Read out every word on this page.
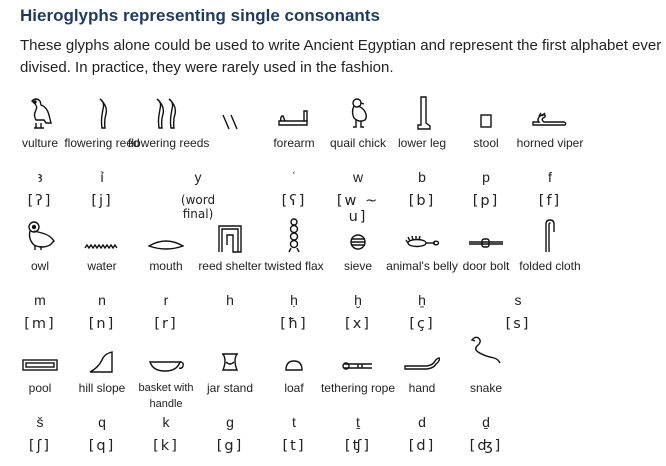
Hieroglyphs representing single consonants

These glyphs alone could be used to write Ancient Egyptian and represent the first alphabet ever divised. In practice, they were rarely used in the fashion.

vulture
ꜣ
[ʔ]
flowering reed
ỉ
[j]
flowering reeds
y
(word final)
forearm
ʿ
[ʕ]
quail chick
w
[w ~ u]
lower leg
b
[b]
stool
p
[p]
horned viper
f
[f]
owl
m
[m]
water
n
[n]
mouth
r
[r]
reed shelter
h
twisted flax
ḥ
[ħ]
sieve
ḫ
[x]
animal's belly
ẖ
[ç]
door bolt
s
[s]
folded cloth
pool
š
[ʃ]
hill slope
q
[q]
basket with handle
k
[k]
jar stand
g
[g]
loaf
t
[t]
tethering rope
ṯ
[ʧ]
hand
d
[d]
snake
ḏ
[ʤ]
